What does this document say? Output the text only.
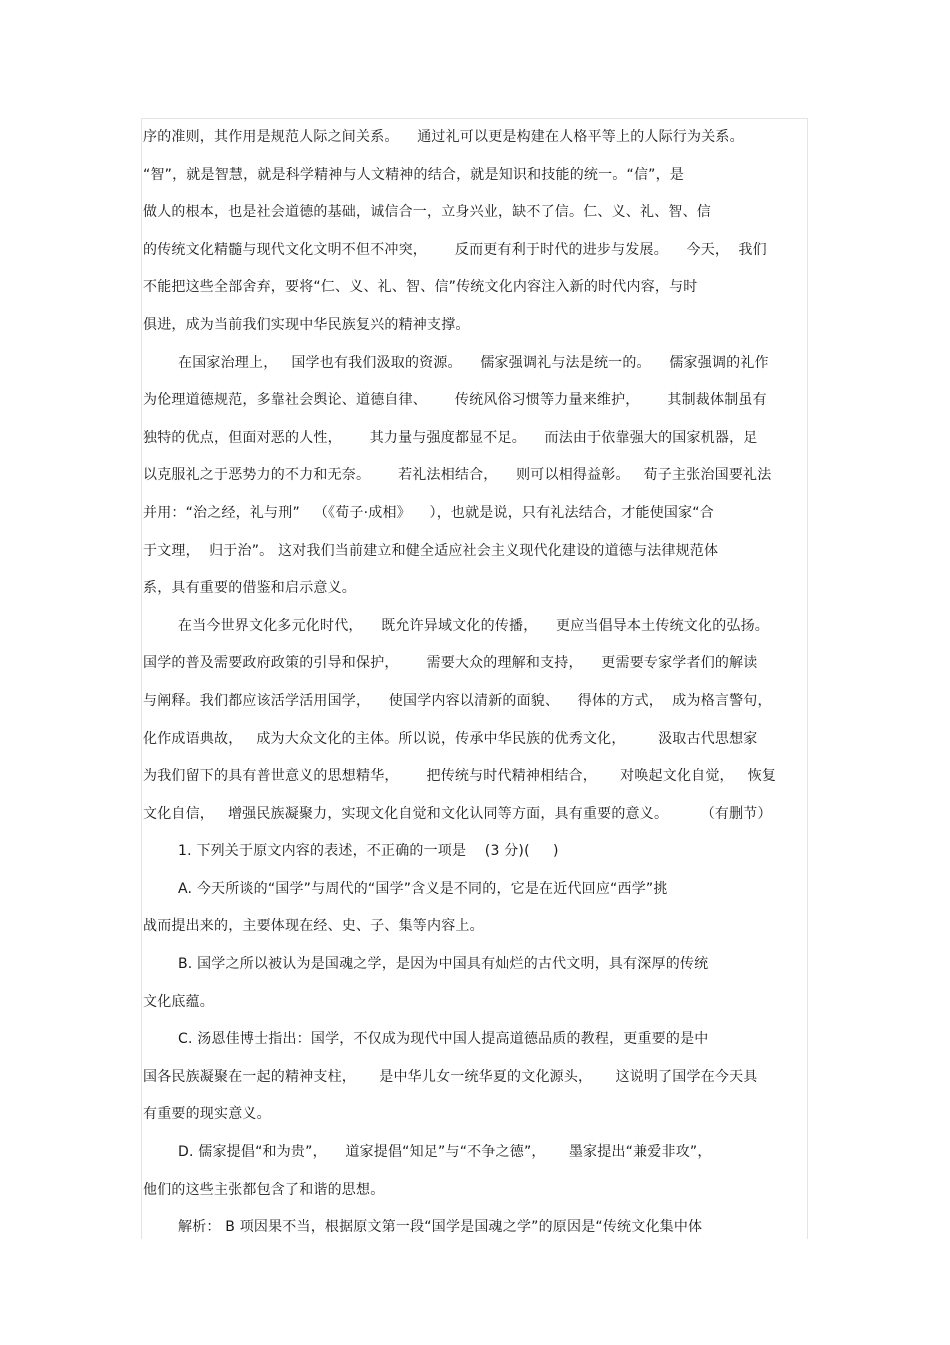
序的准则，其作用是规范人际之间关系。    通过礼可以更是构建在人格平等上的人际行为关系。
“智”，就是智慧，就是科学精神与人文精神的结合，就是知识和技能的统一。“信”，是
做人的根本，也是社会道德的基础，诚信合一，立身兴业，缺不了信。仁、义、礼、智、信
的传统文化精髓与现代文化文明不但不冲突，      反而更有利于时代的进步与发展。    今天，  我们
不能把这些全部舍弃，要将“仁、义、礼、智、信”传统文化内容注入新的时代内容，与时
俱进，成为当前我们实现中华民族复兴的精神支撑。
在国家治理上，   国学也有我们汲取的资源。    儒家强调礼与法是统一的。    儒家强调的礼作
为伦理道德规范，多靠社会舆论、道德自律、      传统风俗习惯等力量来维护，      其制裁体制虽有
独特的优点，但面对恶的人性，      其力量与强度都显不足。    而法由于依靠强大的国家机器，足
以克服礼之于恶势力的不力和无奈。      若礼法相结合，    则可以相得益彰。   荀子主张治国要礼法
并用：“治之经，礼与刑”   （《荀子·成相》    ），也就是说，只有礼法结合，才能使国家“合
于文理，  归于治”。 这对我们当前建立和健全适应社会主义现代化建设的道德与法律规范体
系，具有重要的借鉴和启示意义。
在当今世界文化多元化时代，    既允许异域文化的传播，    更应当倡导本土传统文化的弘扬。
国学的普及需要政府政策的引导和保护，      需要大众的理解和支持，    更需要专家学者们的解读
与阐释。我们都应该活学活用国学，    使国学内容以清新的面貌、    得体的方式，  成为格言警句，
化作成语典故，   成为大众文化的主体。所以说，传承中华民族的优秀文化，       汲取古代思想家
为我们留下的具有普世意义的思想精华，      把传统与时代精神相结合，     对唤起文化自觉，   恢复
文化自信，   增强民族凝聚力，实现文化自觉和文化认同等方面，具有重要的意义。       （有删节）
1. 下列关于原文内容的表述，不正确的一项是    (3 分)(     )
A. 今天所谈的“国学”与周代的“国学”含义是不同的，它是在近代回应“西学”挑
战而提出来的，主要体现在经、史、子、集等内容上。
B. 国学之所以被认为是国魂之学，是因为中国具有灿烂的古代文明，具有深厚的传统
文化底蕴。
C. 汤恩佳博士指出：国学，不仅成为现代中国人提高道德品质的教程，更重要的是中
国各民族凝聚在一起的精神支柱，     是中华儿女一统华夏的文化源头，     这说明了国学在今天具
有重要的现实意义。
D. 儒家提倡“和为贵”，    道家提倡“知足”与“不争之德”，     墨家提出“兼爱非攻”，
他们的这些主张都包含了和谐的思想。
解析： B 项因果不当，根据原文第一段“国学是国魂之学”的原因是“传统文化集中体
